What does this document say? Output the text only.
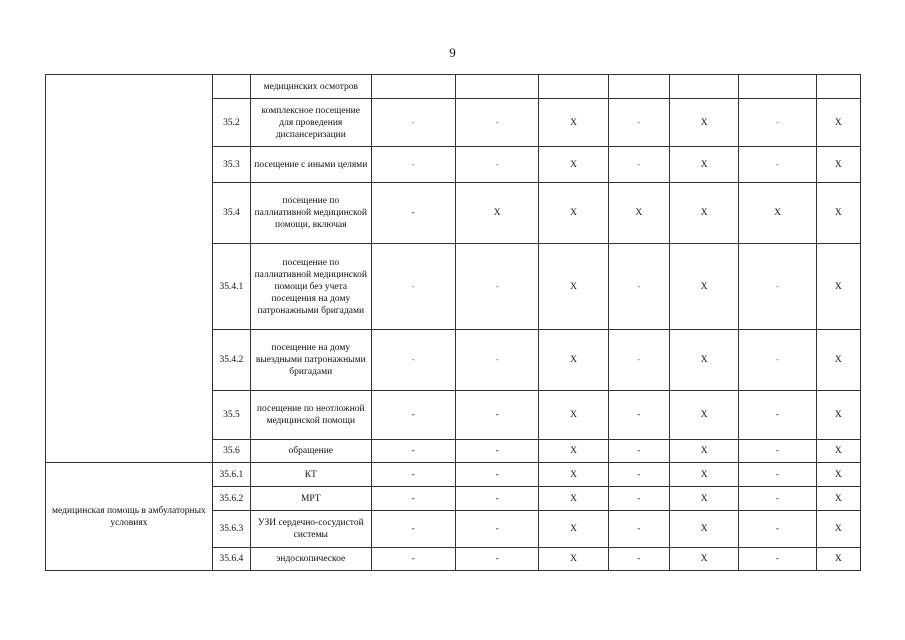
9
		медицинских осмотров							
	35.2	комплексное посещение для проведения диспансеризации	-	-	X	-	X	-	X
	35.3	посещение с иными целями	-	-	X	-	X	-	X
	35.4	посещение по паллиативной медицинской помощи, включая	-	X	X	X	X	X	X
	35.4.1	посещение по паллиативной медицинской помощи без учета посещения на дому патронажными бригадами	-	-	X	-	X	-	X
	35.4.2	посещение на дому выездными патронажными бригадами	-	-	X	-	X	-	X
	35.5	посещение по неотложной медицинской помощи	-	-	X	-	X	-	X
	35.6	обращение	-	-	X	-	X	-	X
медицинская помощь в амбулаторных условиях	35.6.1	КТ	-	-	X	-	X	-	X
	35.6.2	МРТ	-	-	X	-	X	-	X
	35.6.3	УЗИ сердечно-сосудистой системы	-	-	X	-	X	-	X
	35.6.4	эндоскопическое	-	-	X	-	X	-	X
